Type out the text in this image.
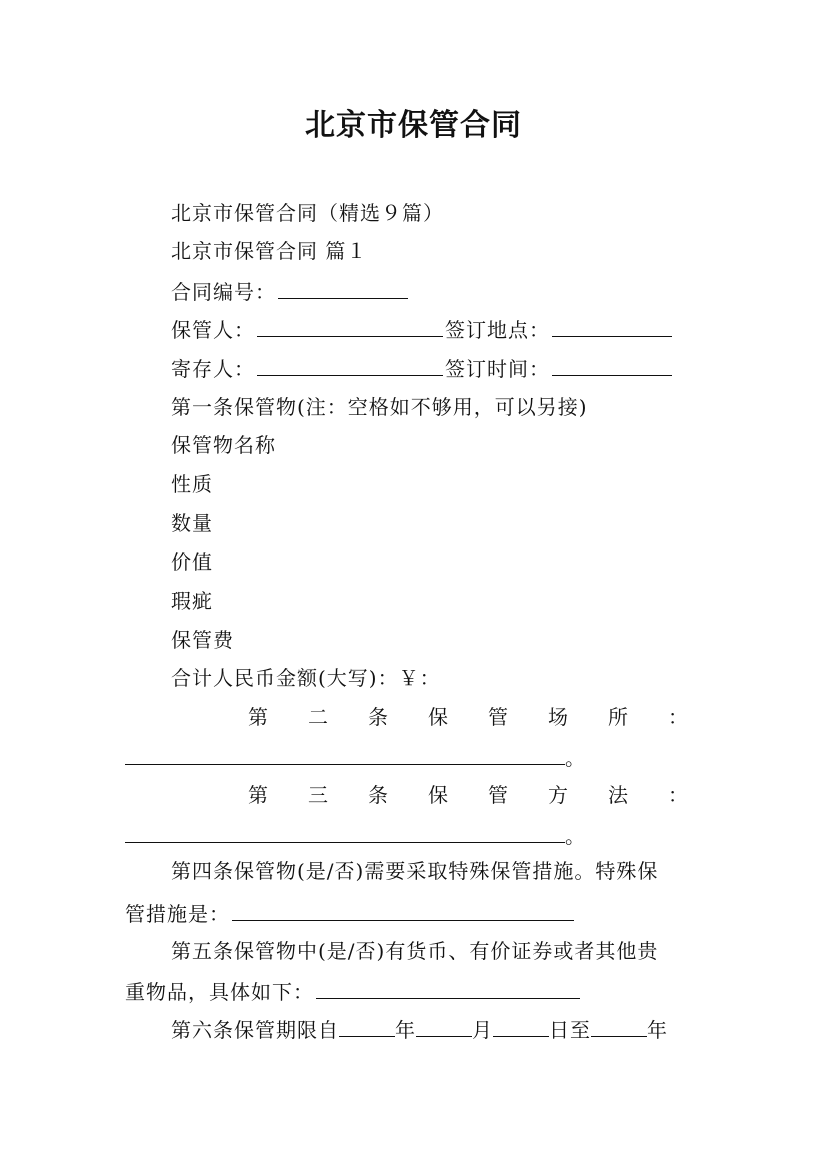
北京市保管合同
北京市保管合同（精选９篇）
北京市保管合同 篇１
合同编号：
保管人：	签订地点：
寄存人：	签订时间：
第一条保管物(注：空格如不够用，可以另接)
保管物名称
性质
数量
价值
瑕疵
保管费
合计人民币金额(大写)：￥：
第 二 条 保 管 场 所 ：
。
第 三 条 保 管 方 法 ：
。
第四条保管物(是/否)需要采取特殊保管措施。特殊保
管措施是：
第五条保管物中(是/否)有货币、有价证券或者其他贵
重物品，具体如下：
第六条保管期限自	年	月	日至	年
